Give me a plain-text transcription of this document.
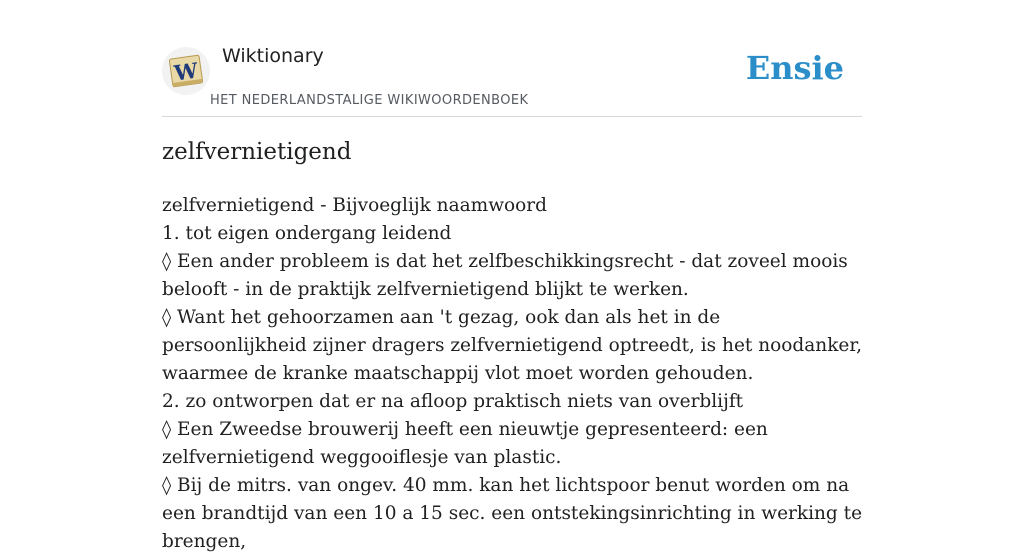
W
Wiktionary
HET NEDERLANDSTALIGE WIKIWOORDENBOEK
Ensie
zelfvernietigend

zelfvernietigend - Bijvoeglijk naamwoord

1. tot eigen ondergang leidend

◊ Een ander probleem is dat het zelfbeschikkingsrecht - dat zoveel moois belooft - in de praktijk zelfvernietigend blijkt te werken.

◊ Want het gehoorzamen aan 't gezag, ook dan als het in de persoonlijkheid zijner dragers zelfvernietigend optreedt, is het noodanker, waarmee de kranke maatschappij vlot moet worden gehouden.

2. zo ontworpen dat er na afloop praktisch niets van overblijft

◊ Een Zweedse brouwerij heeft een nieuwtje gepresenteerd: een zelfvernietigend weggooiflesje van plastic.

◊ Bij de mitrs. van ongev. 40 mm. kan het lichtspoor benut worden om na een brandtijd van een 10 a 15 sec. een ontstekingsinrichting in werking te brengen,
